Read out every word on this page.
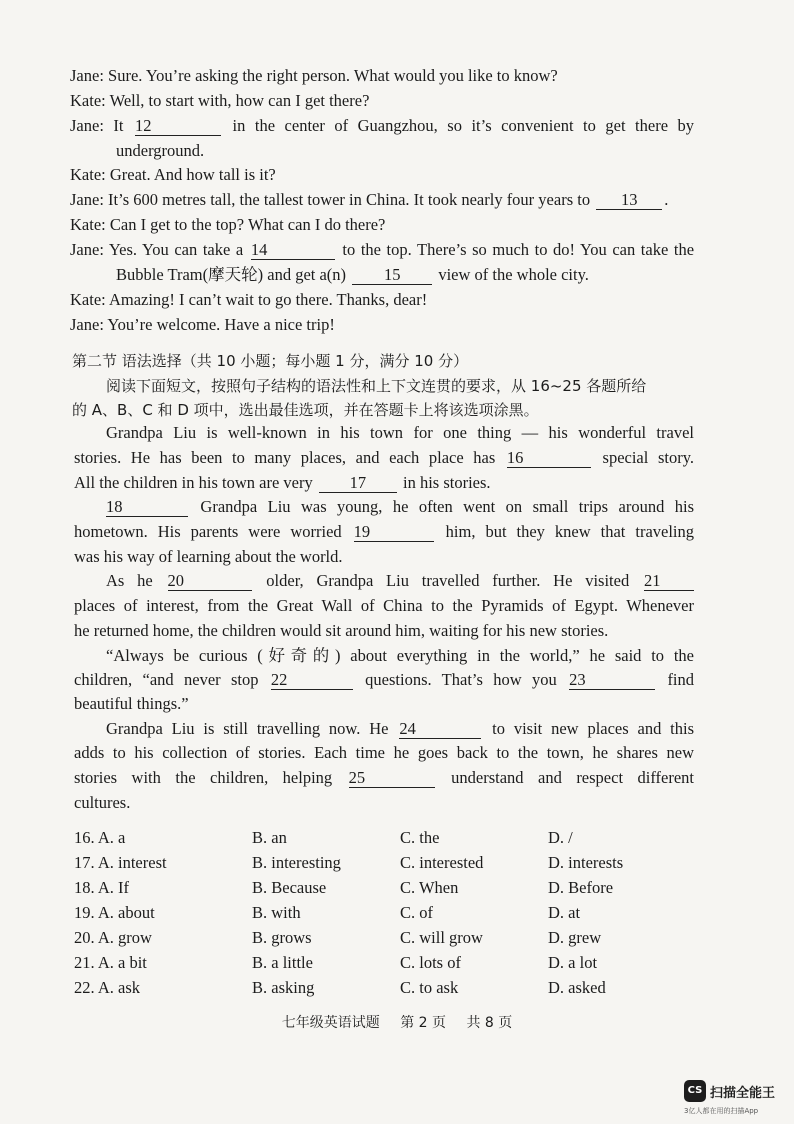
Jane: Sure. You’re asking the right person. What would you like to know?
Kate: Well, to start with, how can I get there?
Jane: It 12	in the center of Guangzhou, so it’s convenient to get there by
underground.
Kate: Great. And how tall is it?
Jane: It’s 600 metres tall, the tallest tower in China. It took nearly four years to 13 .
Kate: Can I get to the top? What can I do there?
Jane: Yes. You can take a 14	to the top. There’s so much to do! You can take the
Bubble Tram(摩天轮) and get a(n) 15 view of the whole city.
Kate: Amazing! I can’t wait to go there. Thanks, dear!
Jane: You’re welcome. Have a nice trip!
第二节 语法选择（共 10 小题；每小题 1 分，满分 10 分）
阅读下面短文，按照句子结构的语法性和上下文连贯的要求，从 16~25 各题所给
的 A、B、C 和 D 项中，选出最佳选项，并在答题卡上将该选项涂黑。
Grandpa Liu is well-known in his town for one thing — his wonderful travel
stories. He has been to many places, and each place has 16	special story.
All the children in his town are very 17 in his stories.
18	Grandpa Liu was young, he often went on small trips around his
hometown. His parents were worried 19	him, but they knew that traveling
was his way of learning about the world.
As he 20	older, Grandpa Liu travelled further. He visited 21
places of interest, from the Great Wall of China to the Pyramids of Egypt. Whenever
he returned home, the children would sit around him, waiting for his new stories.
“Always be curious (好奇的) about everything in the world,” he said to the
children, “and never stop 22	questions. That’s how you 23	find
beautiful things.”
Grandpa Liu is still travelling now. He 24	to visit new places and this
adds to his collection of stories. Each time he goes back to the town, he shares new
stories with the children, helping 25	understand and respect different
cultures.
16. A. a	B. an	C. the	D. /
17. A. interest	B. interesting	C. interested	D. interests
18. A. If	B. Because	C. When	D. Before
19. A. about	B. with	C. of	D. at
20. A. grow	B. grows	C. will grow	D. grew
21. A. a bit	B. a little	C. lots of	D. a lot
22. A. ask	B. asking	C. to ask	D. asked
七年级英语试题 第 2 页 共 8 页
CS 扫描全能王
3亿人都在用的扫描App
